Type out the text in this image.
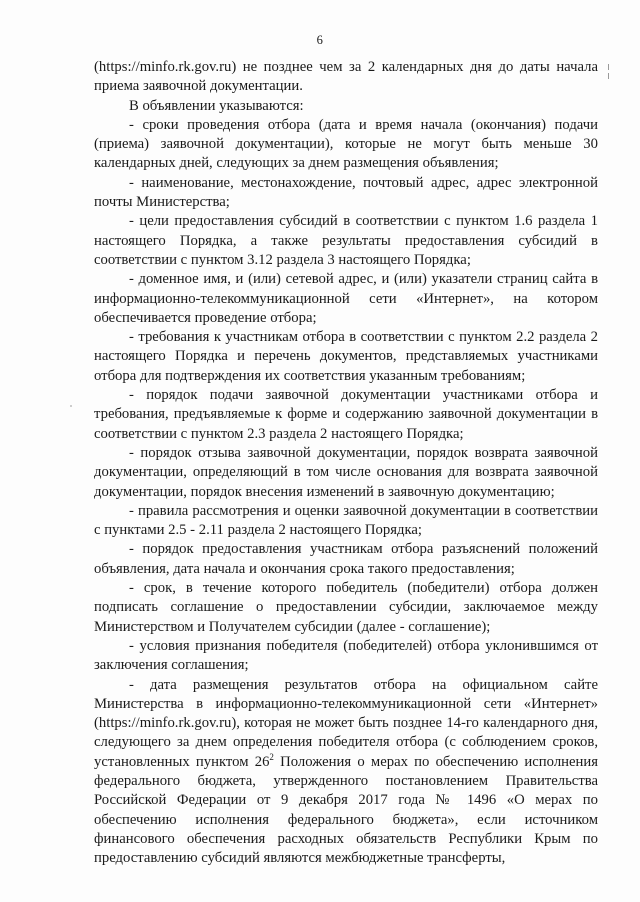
6

(https://minfo.rk.gov.ru) не позднее чем за 2 календарных дня до даты начала приема заявочной документации.

В объявлении указываются:

- сроки проведения отбора (дата и время начала (окончания) подачи (приема) заявочной документации), которые не могут быть меньше 30 календарных дней, следующих за днем размещения объявления;

- наименование, местонахождение, почтовый адрес, адрес электронной почты Министерства;

- цели предоставления субсидий в соответствии с пунктом 1.6 раздела 1 настоящего Порядка, а также результаты предоставления субсидий в соответствии с пунктом 3.12 раздела 3 настоящего Порядка;

- доменное имя, и (или) сетевой адрес, и (или) указатели страниц сайта в информационно-телекоммуникационной сети «Интернет», на котором обеспечивается проведение отбора;

- требования к участникам отбора в соответствии с пунктом 2.2 раздела 2 настоящего Порядка и перечень документов, представляемых участниками отбора для подтверждения их соответствия указанным требованиям;

- порядок подачи заявочной документации участниками отбора и требования, предъявляемые к форме и содержанию заявочной документации в соответствии с пунктом 2.3 раздела 2 настоящего Порядка;

- порядок отзыва заявочной документации, порядок возврата заявочной документации, определяющий в том числе основания для возврата заявочной документации, порядок внесения изменений в заявочную документацию;

- правила рассмотрения и оценки заявочной документации в соответствии с пунктами 2.5 - 2.11 раздела 2 настоящего Порядка;

- порядок предоставления участникам отбора разъяснений положений объявления, дата начала и окончания срока такого предоставления;

- срок, в течение которого победитель (победители) отбора должен подписать соглашение о предоставлении субсидии, заключаемое между Министерством и Получателем субсидии (далее - соглашение);

- условия признания победителя (победителей) отбора уклонившимся от заключения соглашения;

- дата размещения результатов отбора на официальном сайте Министерства в информационно-телекоммуникационной сети «Интернет» (https://minfo.rk.gov.ru), которая не может быть позднее 14-го календарного дня, следующего за днем определения победителя отбора (с соблюдением сроков, установленных пунктом $26^2$ Положения о мерах по обеспечению исполнения федерального бюджета, утвержденного постановлением Правительства Российской Федерации от 9 декабря 2017 года № 1496 «О мерах по обеспечению исполнения федерального бюджета», если источником финансового обеспечения расходных обязательств Республики Крым по предоставлению субсидий являются межбюджетные трансферты,
